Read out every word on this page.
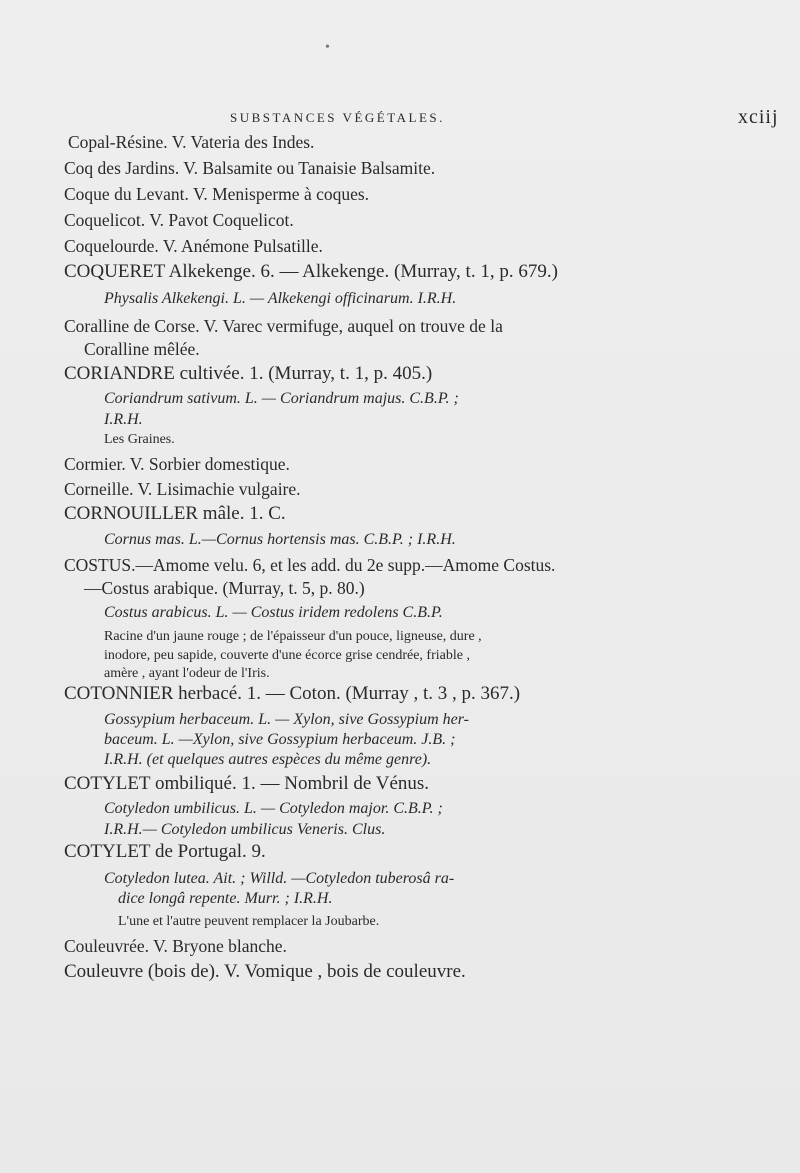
•
SUBSTANCES VÉGÉTALES.	xciij
Copal-Résine. V. Vateria des Indes.
Coq des Jardins. V. Balsamite ou Tanaisie Balsamite.
Coque du Levant. V. Menisperme à coques.
Coquelicot. V. Pavot Coquelicot.
Coquelourde. V. Anémone Pulsatille.
COQUERET Alkekenge. 6. — Alkekenge. (Murray, t. 1, p. 679.)
Physalis Alkekengi. L. — Alkekengi officinarum. I.R.H.
Coralline de Corse. V. Varec vermifuge, auquel on trouve de la
Coralline mêlée.
CORIANDRE cultivée. 1. (Murray, t. 1, p. 405.)
Coriandrum sativum. L. — Coriandrum majus. C.B.P. ;
I.R.H.
Les Graines.
Cormier. V. Sorbier domestique.
Corneille. V. Lisimachie vulgaire.
CORNOUILLER mâle. 1. C.
Cornus mas. L.—Cornus hortensis mas. C.B.P. ; I.R.H.
COSTUS.—Amome velu. 6, et les add. du 2e supp.—Amome Costus.
—Costus arabique. (Murray, t. 5, p. 80.)
Costus arabicus. L. — Costus iridem redolens C.B.P.
Racine d'un jaune rouge ; de l'épaisseur d'un pouce, ligneuse, dure ,
inodore, peu sapide, couverte d'une écorce grise cendrée, friable ,
amère , ayant l'odeur de l'Iris.
COTONNIER herbacé. 1. — Coton. (Murray , t. 3 , p. 367.)
Gossypium herbaceum. L. — Xylon, sive Gossypium her-
baceum. L. —Xylon, sive Gossypium herbaceum. J.B. ;
I.R.H. (et quelques autres espèces du même genre).
COTYLET ombiliqué. 1. — Nombril de Vénus.
Cotyledon umbilicus. L. — Cotyledon major. C.B.P. ;
I.R.H.— Cotyledon umbilicus Veneris. Clus.
COTYLET de Portugal. 9.
Cotyledon lutea. Ait. ; Willd. —Cotyledon tuberosâ ra-
dice longâ repente. Murr. ; I.R.H.
L'une et l'autre peuvent remplacer la Joubarbe.
Couleuvrée. V. Bryone blanche.
Couleuvre (bois de). V. Vomique , bois de couleuvre.
